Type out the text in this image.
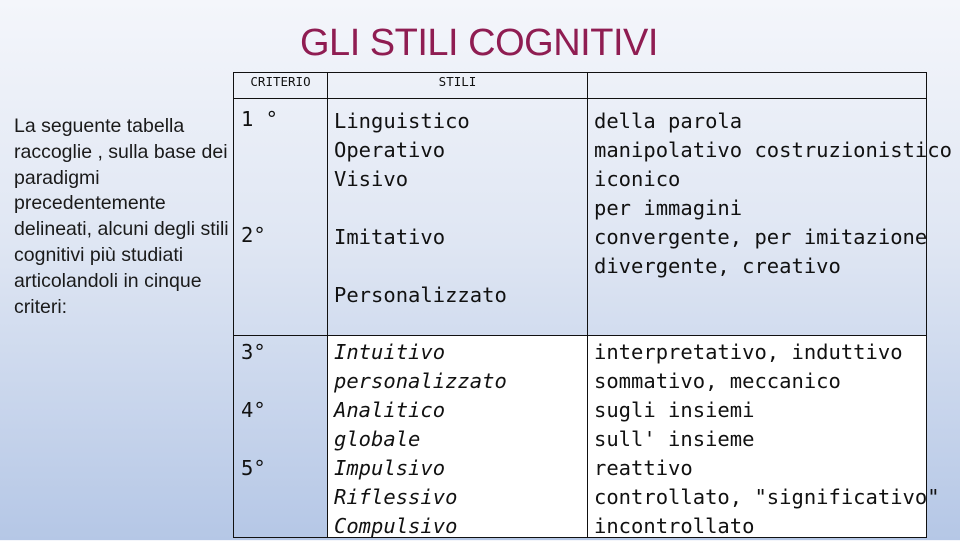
GLI STILI COGNITIVI
La seguente tabella raccoglie , sulla base dei paradigmi precedentemente delineati, alcuni degli stili cognitivi più studiati articolandoli in cinque criteri:
CRITERIO	STILI
1 °
2°
Linguistico
Operativo
Visivo
Imitativo
Personalizzato
della parola
manipolativo costruzionistico
iconico
per immagini
convergente, per imitazione
divergente, creativo
3°
4°
5°
Intuitivo
personalizzato
Analitico
globale
Impulsivo
Riflessivo
Compulsivo
interpretativo, induttivo
sommativo, meccanico
sugli insiemi
sull' insieme
reattivo
controllato, "significativo"
incontrollato
